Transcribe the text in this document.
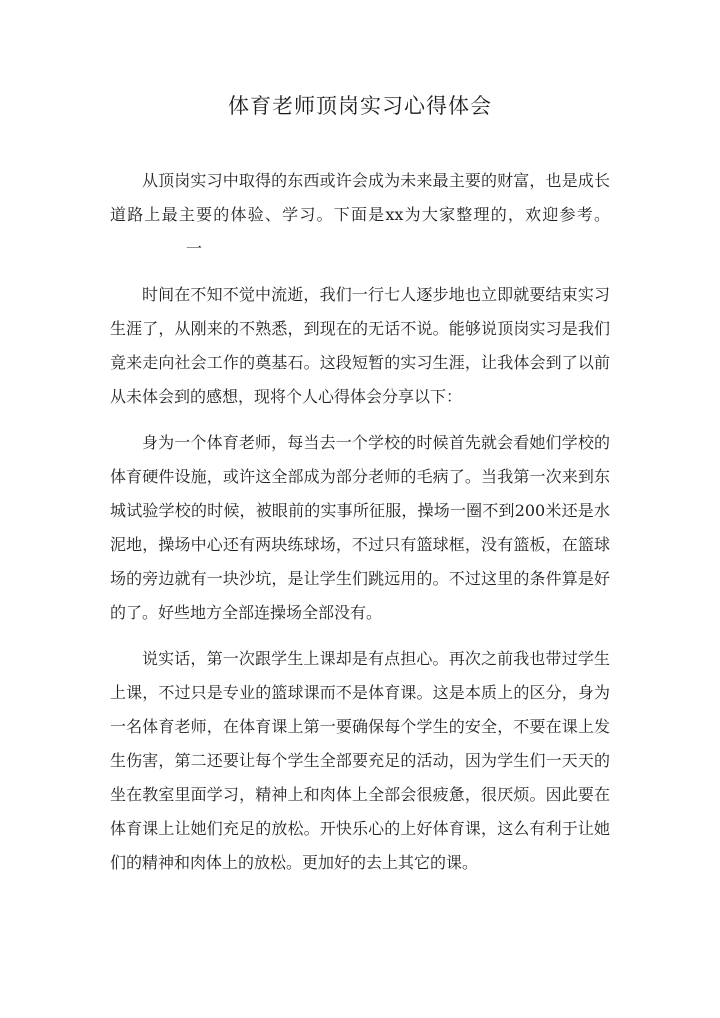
体育老师顶岗实习心得体会

从顶岗实习中取得的东西或许会成为未来最主要的财富，也是成长道路上最主要的体验、学习。下面是xx为大家整理的，欢迎参考。一

时间在不知不觉中流逝，我们一行七人逐步地也立即就要结束实习生涯了，从刚来的不熟悉，到现在的无话不说。能够说顶岗实习是我们竟来走向社会工作的奠基石。这段短暂的实习生涯，让我体会到了以前从未体会到的感想，现将个人心得体会分享以下：

身为一个体育老师，每当去一个学校的时候首先就会看她们学校的体育硬件设施，或许这全部成为部分老师的毛病了。当我第一次来到东城试验学校的时候，被眼前的实事所征服，操场一圈不到200米还是水泥地，操场中心还有两块练球场，不过只有篮球框，没有篮板，在篮球场的旁边就有一块沙坑，是让学生们跳远用的。不过这里的条件算是好的了。好些地方全部连操场全部没有。

说实话，第一次跟学生上课却是有点担心。再次之前我也带过学生上课，不过只是专业的篮球课而不是体育课。这是本质上的区分，身为一名体育老师，在体育课上第一要确保每个学生的安全，不要在课上发生伤害，第二还要让每个学生全部要充足的活动，因为学生们一天天的坐在教室里面学习，精神上和肉体上全部会很疲惫，很厌烦。因此要在体育课上让她们充足的放松。开快乐心的上好体育课，这么有利于让她们的精神和肉体上的放松。更加好的去上其它的课。
